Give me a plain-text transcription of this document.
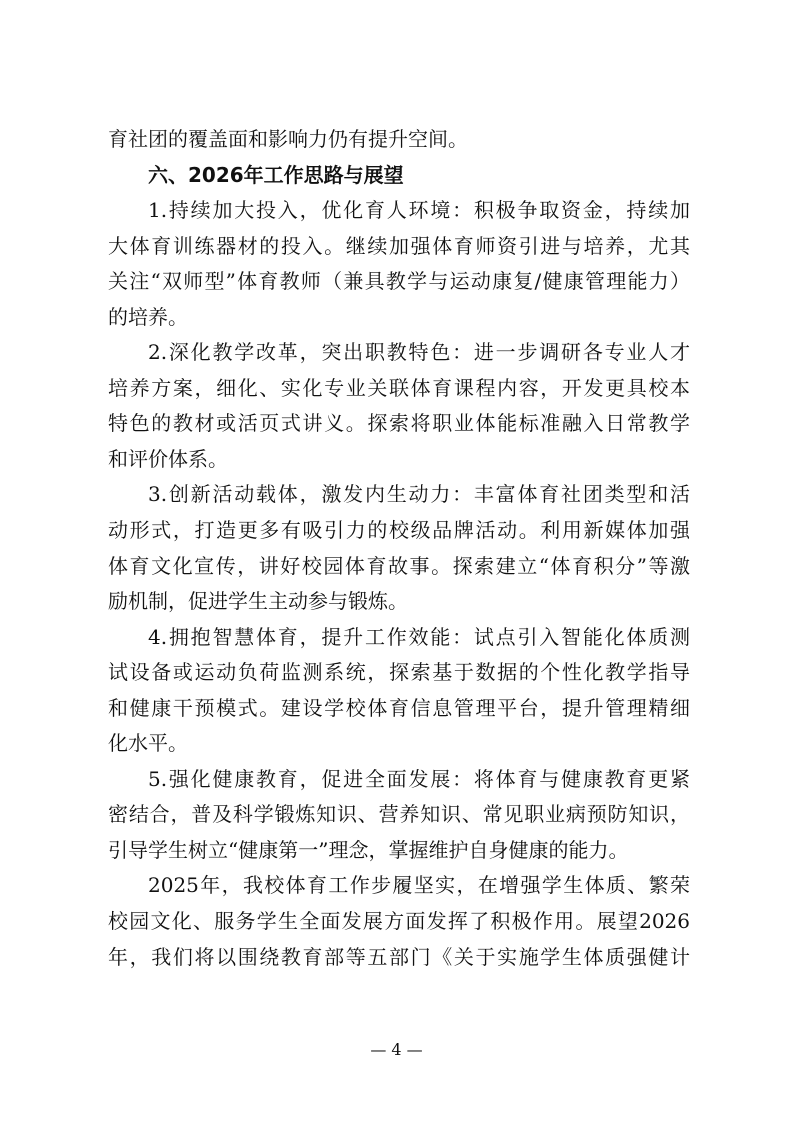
育社团的覆盖面和影响力仍有提升空间。
六、2026年工作思路与展望
1.持续加大投入，优化育人环境：积极争取资金，持续加
大体育训练器材的投入。继续加强体育师资引进与培养，尤其
关注“双师型”体育教师（兼具教学与运动康复/健康管理能力）
的培养。
2.深化教学改革，突出职教特色：进一步调研各专业人才
培养方案，细化、实化专业关联体育课程内容，开发更具校本
特色的教材或活页式讲义。探索将职业体能标准融入日常教学
和评价体系。
3.创新活动载体，激发内生动力：丰富体育社团类型和活
动形式，打造更多有吸引力的校级品牌活动。利用新媒体加强
体育文化宣传，讲好校园体育故事。探索建立“体育积分”等激
励机制，促进学生主动参与锻炼。
4.拥抱智慧体育，提升工作效能：试点引入智能化体质测
试设备或运动负荷监测系统，探索基于数据的个性化教学指导
和健康干预模式。建设学校体育信息管理平台，提升管理精细
化水平。
5.强化健康教育，促进全面发展：将体育与健康教育更紧
密结合，普及科学锻炼知识、营养知识、常见职业病预防知识，
引导学生树立“健康第一”理念，掌握维护自身健康的能力。
2025年，我校体育工作步履坚实，在增强学生体质、繁荣
校园文化、服务学生全面发展方面发挥了积极作用。展望2026
年，我们将以围绕教育部等五部门《关于实施学生体质强健计
— 4 —
